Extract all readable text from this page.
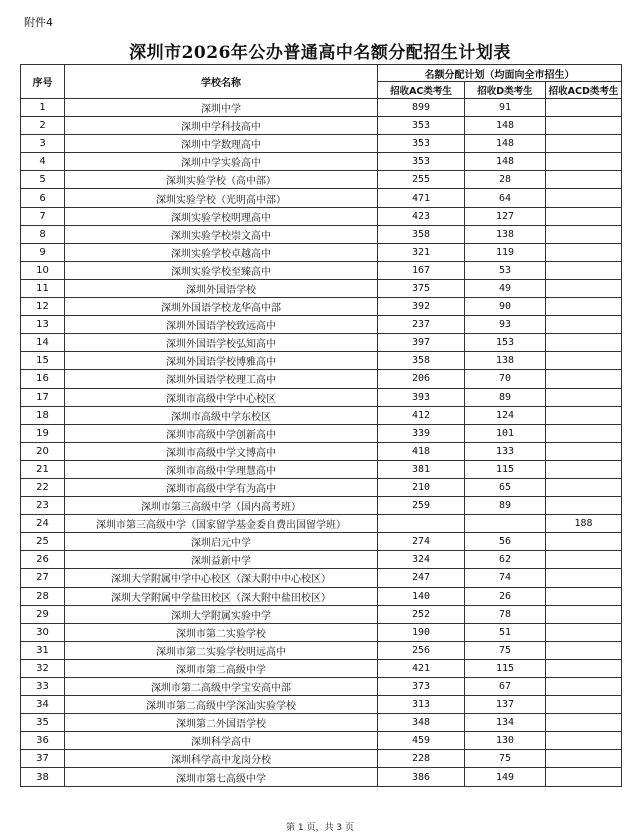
附件4
深圳市2026年公办普通高中名额分配招生计划表
序号	学校名称	名额分配计划（均面向全市招生）		
		招收AC类考生	招收D类考生	招收ACD类考生
1	深圳中学	899	91	
2	深圳中学科技高中	353	148	
3	深圳中学数理高中	353	148	
4	深圳中学实验高中	353	148	
5	深圳实验学校（高中部）	255	28	
6	深圳实验学校（光明高中部）	471	64	
7	深圳实验学校明理高中	423	127	
8	深圳实验学校崇文高中	358	138	
9	深圳实验学校卓越高中	321	119	
10	深圳实验学校至臻高中	167	53	
11	深圳外国语学校	375	49	
12	深圳外国语学校龙华高中部	392	90	
13	深圳外国语学校致远高中	237	93	
14	深圳外国语学校弘知高中	397	153	
15	深圳外国语学校博雅高中	358	138	
16	深圳外国语学校理工高中	206	70	
17	深圳市高级中学中心校区	393	89	
18	深圳市高级中学东校区	412	124	
19	深圳市高级中学创新高中	339	101	
20	深圳市高级中学文博高中	418	133	
21	深圳市高级中学理慧高中	381	115	
22	深圳市高级中学有为高中	210	65	
23	深圳市第三高级中学（国内高考班）	259	89	
24	深圳市第三高级中学（国家留学基金委自费出国留学班）			188
25	深圳启元中学	274	56	
26	深圳益新中学	324	62	
27	深圳大学附属中学中心校区（深大附中中心校区）	247	74	
28	深圳大学附属中学盐田校区（深大附中盐田校区）	140	26	
29	深圳大学附属实验中学	252	78	
30	深圳市第二实验学校	190	51	
31	深圳市第二实验学校明远高中	256	75	
32	深圳市第二高级中学	421	115	
33	深圳市第二高级中学宝安高中部	373	67	
34	深圳市第二高级中学深汕实验学校	313	137	
35	深圳第二外国语学校	348	134	
36	深圳科学高中	459	130	
37	深圳科学高中龙岗分校	228	75	
38	深圳市第七高级中学	386	149	
第 1 页，共 3 页
